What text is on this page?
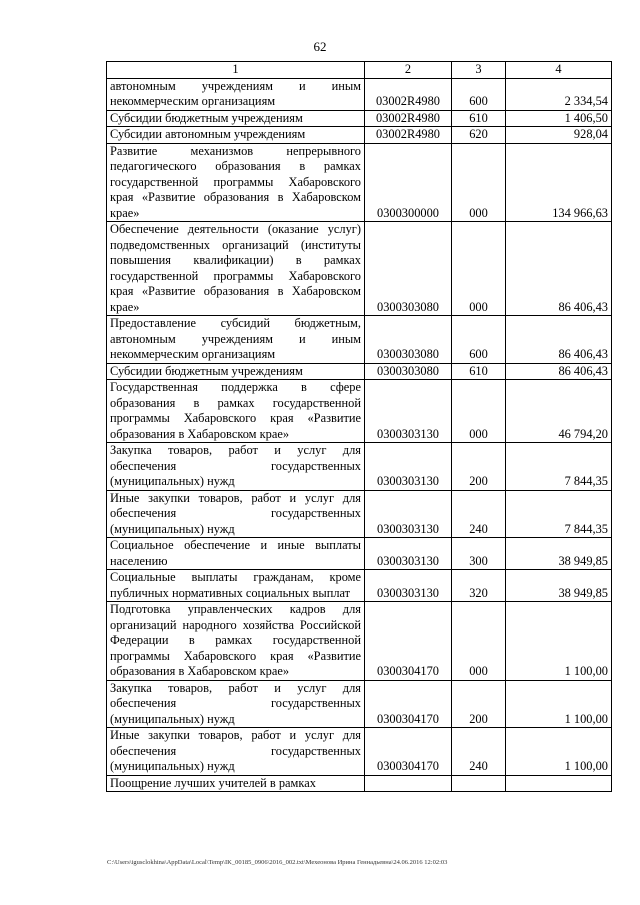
62
1	2	3	4
автономным учреждениям и иным некоммерческим организациям	03002R4980	600	2 334,54
Субсидии бюджетным учреждениям	03002R4980	610	1 406,50
Субсидии автономным учреждениям	03002R4980	620	928,04
Развитие механизмов непрерывного педагогического образования в рамках государственной программы Хабаровского края «Развитие образования в Хабаровском крае»	0300300000	000	134 966,63
Обеспечение деятельности (оказание услуг) подведомственных организаций (институты повышения квалификации) в рамках государственной программы Хабаровского края «Развитие образования в Хабаровском крае»	0300303080	000	86 406,43
Предоставление субсидий бюджетным, автономным учреждениям и иным некоммерческим организациям	0300303080	600	86 406,43
Субсидии бюджетным учреждениям	0300303080	610	86 406,43
Государственная поддержка в сфере образования в рамках государственной программы Хабаровского края «Развитие образования в Хабаровском крае»	0300303130	000	46 794,20
Закупка товаров, работ и услуг для обеспечения государственных (муниципальных) нужд	0300303130	200	7 844,35
Иные закупки товаров, работ и услуг для обеспечения государственных (муниципальных) нужд	0300303130	240	7 844,35
Социальное обеспечение и иные выплаты населению	0300303130	300	38 949,85
Социальные выплаты гражданам, кроме публичных нормативных социальных выплат	0300303130	320	38 949,85
Подготовка управленческих кадров для организаций народного хозяйства Российской Федерации в рамках государственной программы Хабаровского края «Развитие образования в Хабаровском крае»	0300304170	000	1 100,00
Закупка товаров, работ и услуг для обеспечения государственных (муниципальных) нужд	0300304170	200	1 100,00
Иные закупки товаров, работ и услуг для обеспечения государственных (муниципальных) нужд	0300304170	240	1 100,00
Поощрение лучших учителей в рамках			
C:\Users\igusclokhina\AppData\Local\Temp\IK_00185_0906\2016_002.txt\Мехеонова Ирина Геннадьевна\24.06.2016 12:02:03
